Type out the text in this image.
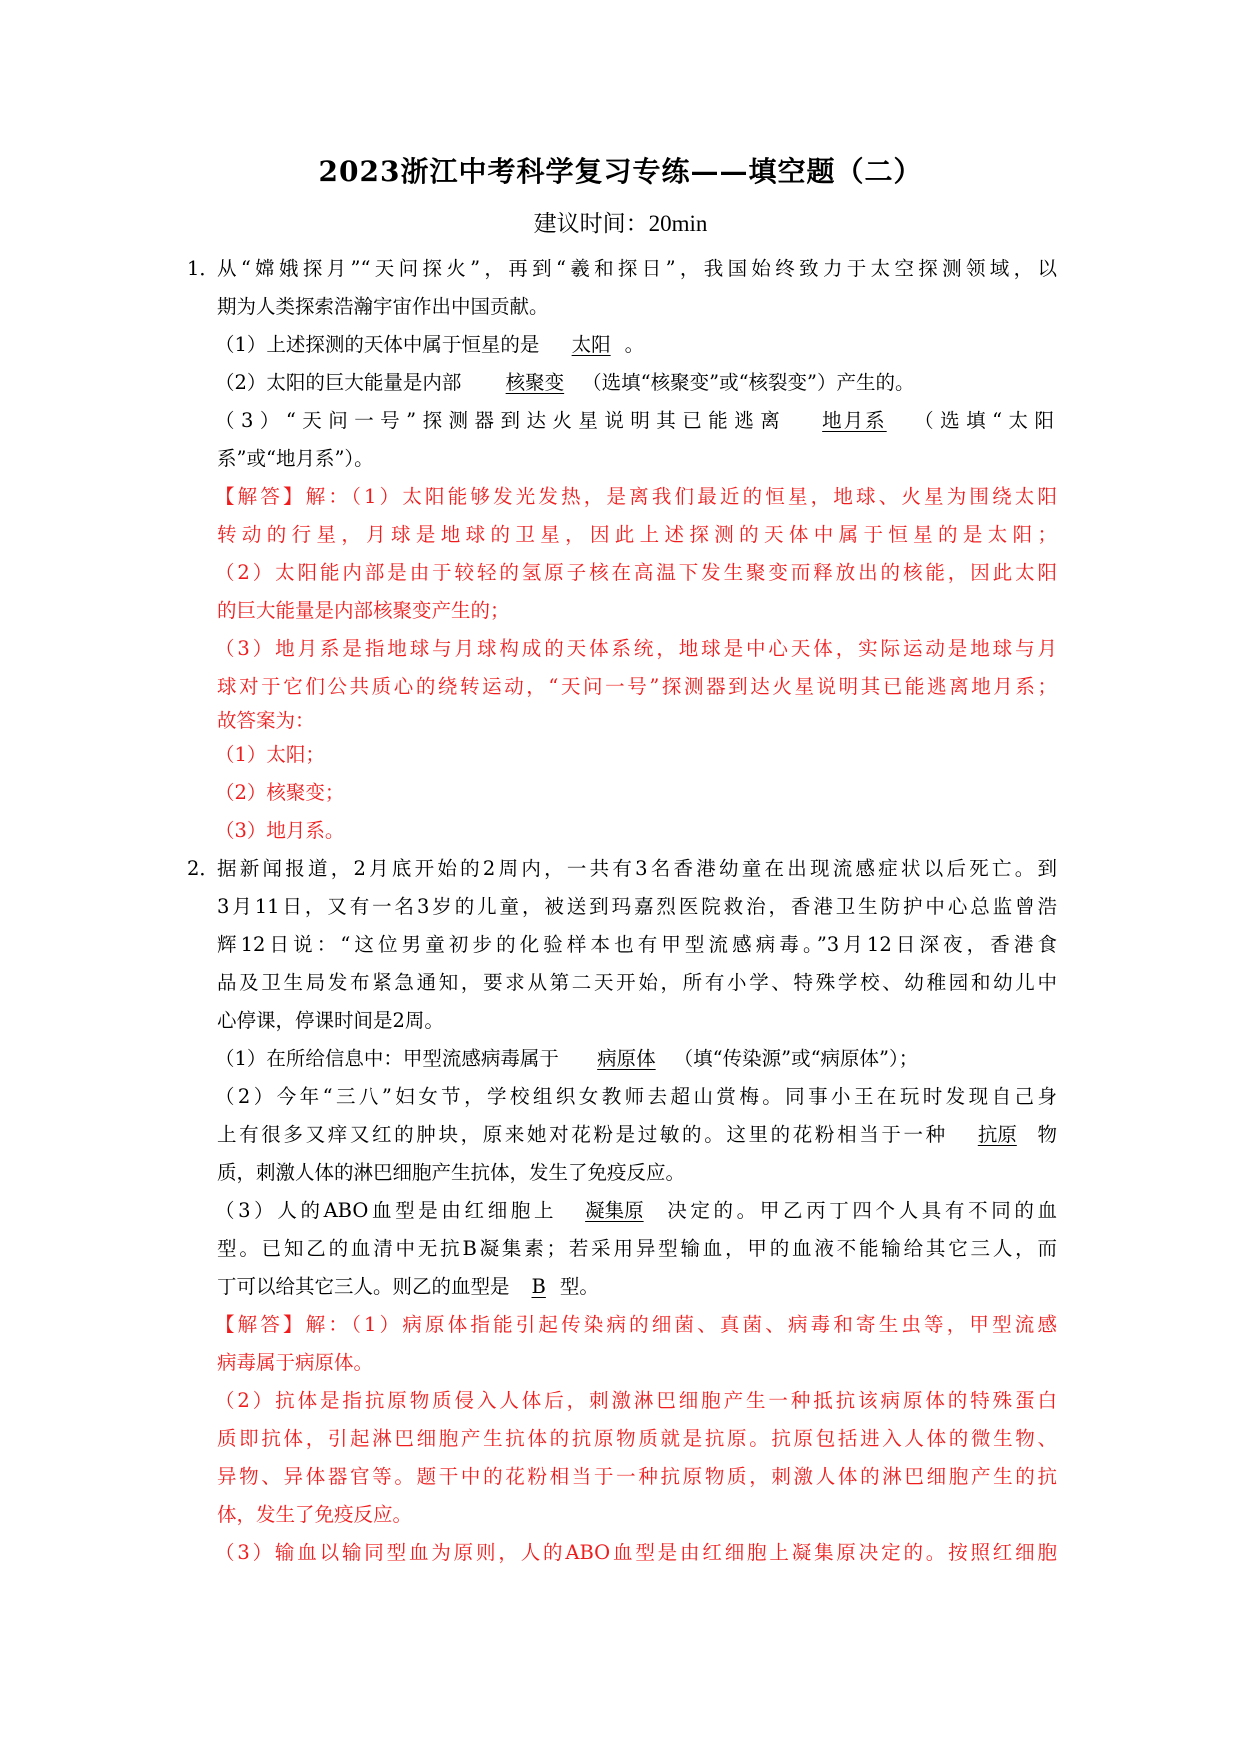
2023浙江中考科学复习专练——填空题（二）
建议时间：20min
1．
从“嫦娥探月”“天问探火”，再到“羲和探日”，我国始终致力于太空探测领域，以
期为人类探索浩瀚宇宙作出中国贡献。
（1）上述探测的天体中属于恒星的是 太阳 。
（2）太阳的巨大能量是内部 核聚变 （选填“核聚变”或“核裂变”）产生的。
（3）“天问一号”探测器到达火星说明其已能逃离 地月系 （选填“太阳
系”或“地月系”）。
【解答】解：（1）太阳能够发光发热，是离我们最近的恒星，地球、火星为围绕太阳
转动的行星，月球是地球的卫星，因此上述探测的天体中属于恒星的是太阳；
（2）太阳能内部是由于较轻的氢原子核在高温下发生聚变而释放出的核能，因此太阳
的巨大能量是内部核聚变产生的；
（3）地月系是指地球与月球构成的天体系统，地球是中心天体，实际运动是地球与月
球对于它们公共质心的绕转运动，“天问一号”探测器到达火星说明其已能逃离地月系；
故答案为：
（1）太阳；
（2）核聚变；
（3）地月系。
2．
据新闻报道，2月底开始的2周内，一共有3名香港幼童在出现流感症状以后死亡。到
3月11日，又有一名3岁的儿童，被送到玛嘉烈医院救治，香港卫生防护中心总监曾浩
辉12日说：“这位男童初步的化验样本也有甲型流感病毒。”3月12日深夜，香港食
品及卫生局发布紧急通知，要求从第二天开始，所有小学、特殊学校、幼稚园和幼儿中
心停课，停课时间是2周。
（1）在所给信息中：甲型流感病毒属于 病原体 （填“传染源”或“病原体”）；
（2）今年“三八”妇女节，学校组织女教师去超山赏梅。同事小王在玩时发现自己身
上有很多又痒又红的肿块，原来她对花粉是过敏的。这里的花粉相当于一种 抗原 物
质，刺激人体的淋巴细胞产生抗体，发生了免疫反应。
（3）人的ABO血型是由红细胞上 凝集原 决定的。甲乙丙丁四个人具有不同的血
型。已知乙的血清中无抗B凝集素；若采用异型输血，甲的血液不能输给其它三人，而
丁可以给其它三人。则乙的血型是 B 型。
【解答】解：（1）病原体指能引起传染病的细菌、真菌、病毒和寄生虫等，甲型流感
病毒属于病原体。
（2）抗体是指抗原物质侵入人体后，刺激淋巴细胞产生一种抵抗该病原体的特殊蛋白
质即抗体，引起淋巴细胞产生抗体的抗原物质就是抗原。抗原包括进入人体的微生物、
异物、异体器官等。题干中的花粉相当于一种抗原物质，刺激人体的淋巴细胞产生的抗
体，发生了免疫反应。
（3）输血以输同型血为原则，人的ABO血型是由红细胞上凝集原决定的。按照红细胞
